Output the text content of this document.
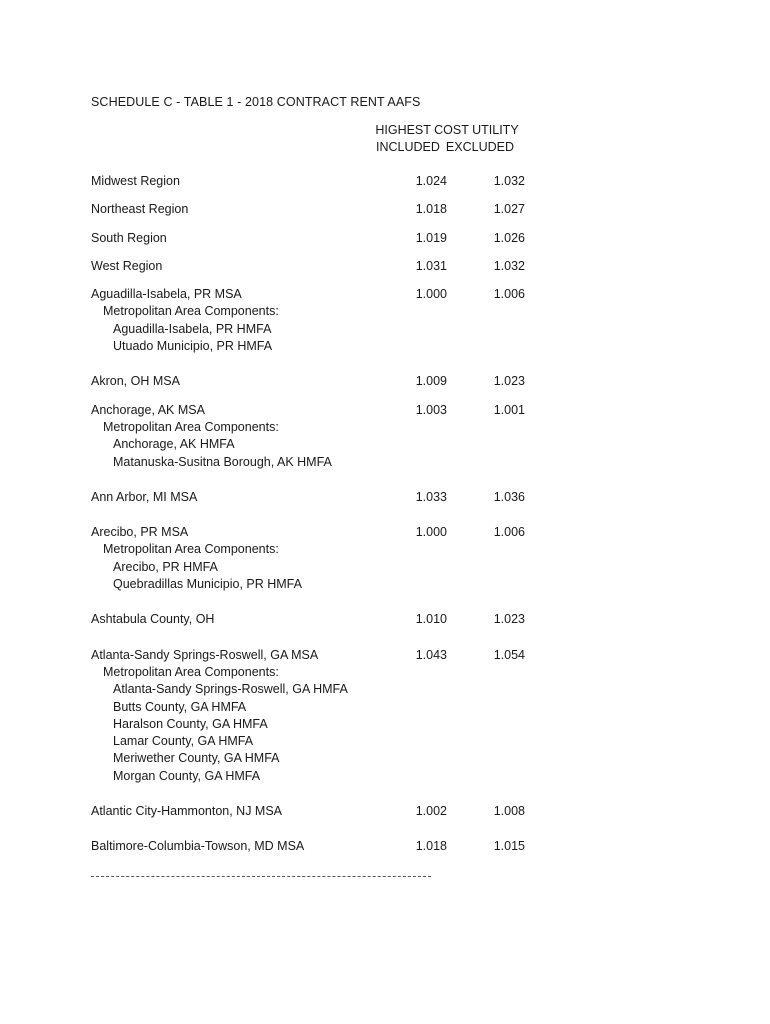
SCHEDULE C - TABLE 1 - 2018 CONTRACT RENT AAFS
HIGHEST COST UTILITY
INCLUDED EXCLUDED
Midwest Region	1.024	1.032
Northeast Region	1.018	1.027
South Region	1.019	1.026
West Region	1.031	1.032
Aguadilla-Isabela, PR MSA	1.000	1.006
Metropolitan Area Components:
Aguadilla-Isabela, PR HMFA
Utuado Municipio, PR HMFA
Akron, OH MSA	1.009	1.023
Anchorage, AK MSA	1.003	1.001
Metropolitan Area Components:
Anchorage, AK HMFA
Matanuska-Susitna Borough, AK HMFA
Ann Arbor, MI MSA	1.033	1.036
Arecibo, PR MSA	1.000	1.006
Metropolitan Area Components:
Arecibo, PR HMFA
Quebradillas Municipio, PR HMFA
Ashtabula County, OH	1.010	1.023
Atlanta-Sandy Springs-Roswell, GA MSA	1.043	1.054
Metropolitan Area Components:
Atlanta-Sandy Springs-Roswell, GA HMFA
Butts County, GA HMFA
Haralson County, GA HMFA
Lamar County, GA HMFA
Meriwether County, GA HMFA
Morgan County, GA HMFA
Atlantic City-Hammonton, NJ MSA	1.002	1.008
Baltimore-Columbia-Towson, MD MSA	1.018	1.015
